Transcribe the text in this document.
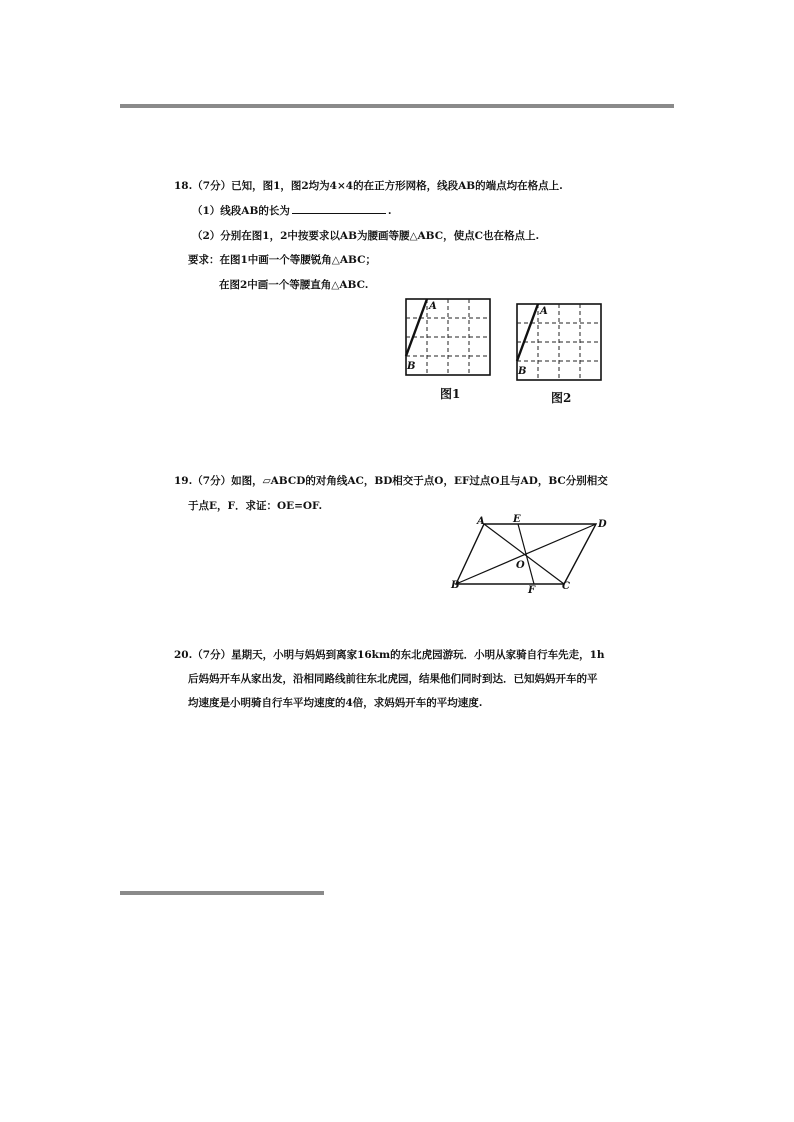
18.（7分）已知，图1，图2均为4×4的在正方形网格，线段AB的端点均在格点上.
（1）线段AB的长为	.
（2）分别在图1，2中按要求以AB为腰画等腰△ABC，使点C也在格点上.
要求：在图1中画一个等腰锐角△ABC；
在图2中画一个等腰直角△ABC.
A
B
图1
A
B
图2
19.（7分）如图，▱ABCD的对角线AC，BD相交于点O，EF过点O且与AD，BC分别相交
于点E，F．求证：OE=OF.
A	E	D
O
B	F	C
20.（7分）星期天，小明与妈妈到离家16km的东北虎园游玩．小明从家骑自行车先走，1h
后妈妈开车从家出发，沿相同路线前往东北虎园，结果他们同时到达．已知妈妈开车的平
均速度是小明骑自行车平均速度的4倍，求妈妈开车的平均速度.
